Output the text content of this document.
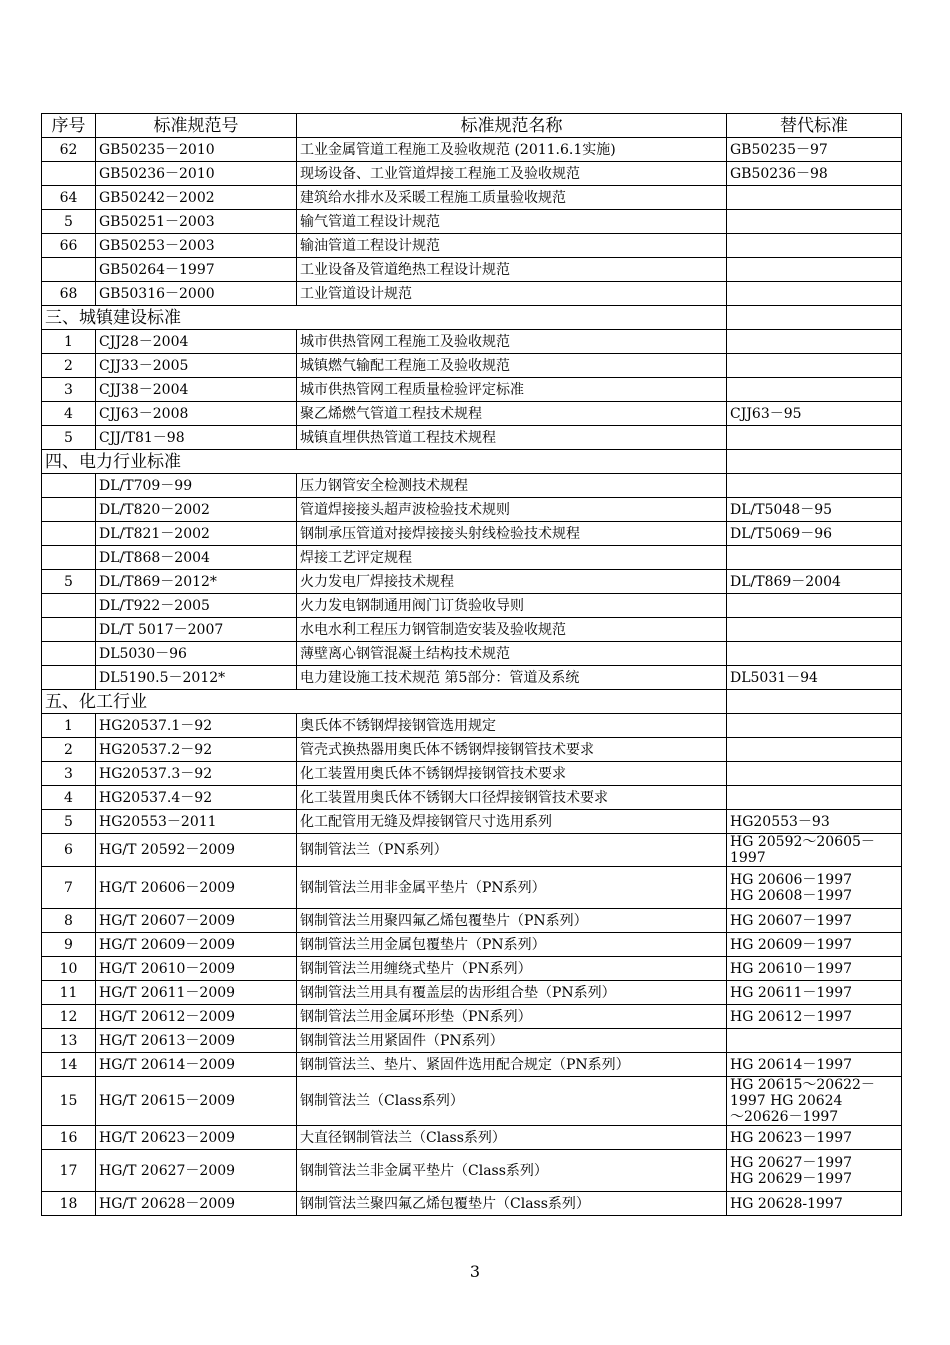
序号	标准规范号	标准规范名称	替代标准
62	GB50235－2010	工业金属管道工程施工及验收规范 (2011.6.1实施)	GB50235－97

	GB50236－2010	现场设备、工业管道焊接工程施工及验收规范	GB50236－98

64	GB50242－2002	建筑给水排水及采暖工程施工质量验收规范	
5	GB50251－2003	输气管道工程设计规范	
66	GB50253－2003	输油管道工程设计规范	
	GB50264－1997	工业设备及管道绝热工程设计规范	
68	GB50316－2000	工业管道设计规范	
三、城镇建设标准			
1	CJJ28－2004	城市供热管网工程施工及验收规范	
2	CJJ33－2005	城镇燃气输配工程施工及验收规范	
3	CJJ38－2004	城市供热管网工程质量检验评定标准	
4	CJJ63－2008	聚乙烯燃气管道工程技术规程	CJJ63－95

5	CJJ/T81－98	城镇直埋供热管道工程技术规程	
四、电力行业标准			
	DL/T709－99	压力钢管安全检测技术规程	
	DL/T820－2002	管道焊接接头超声波检验技术规则	DL/T5048－95

	DL/T821－2002	钢制承压管道对接焊接接头射线检验技术规程	DL/T5069－96

	DL/T868－2004	焊接工艺评定规程	
5	DL/T869－2012*	火力发电厂焊接技术规程	DL/T869－2004

	DL/T922－2005	火力发电钢制通用阀门订货验收导则	
	DL/T 5017－2007	水电水利工程压力钢管制造安装及验收规范	
	DL5030－96	薄壁离心钢管混凝土结构技术规范	
	DL5190.5－2012*	电力建设施工技术规范 第5部分：管道及系统	DL5031－94

五、化工行业			
1	HG20537.1－92	奥氏体不锈钢焊接钢管选用规定	
2	HG20537.2－92	管壳式换热器用奥氏体不锈钢焊接钢管技术要求	
3	HG20537.3－92	化工装置用奥氏体不锈钢焊接钢管技术要求	
4	HG20537.4－92	化工装置用奥氏体不锈钢大口径焊接钢管技术要求	
5	HG20553－2011	化工配管用无缝及焊接钢管尺寸选用系列	HG20553－93

6	HG/T 20592－2009	钢制管法兰（PN系列）	HG 20592～20605－
1997

7	HG/T 20606－2009	钢制管法兰用非金属平垫片（PN系列）	HG 20606－1997
HG 20608－1997

8	HG/T 20607－2009	钢制管法兰用聚四氟乙烯包覆垫片（PN系列）	HG 20607－1997

9	HG/T 20609－2009	钢制管法兰用金属包覆垫片（PN系列）	HG 20609－1997

10	HG/T 20610－2009	钢制管法兰用缠绕式垫片（PN系列）	HG 20610－1997

11	HG/T 20611－2009	钢制管法兰用具有覆盖层的齿形组合垫（PN系列）	HG 20611－1997

12	HG/T 20612－2009	钢制管法兰用金属环形垫（PN系列）	HG 20612－1997

13	HG/T 20613－2009	钢制管法兰用紧固件（PN系列）	
14	HG/T 20614－2009	钢制管法兰、垫片、紧固件选用配合规定（PN系列）	HG 20614－1997

15	HG/T 20615－2009	钢制管法兰（Class系列）	HG 20615～20622－
1997 HG 20624
～20626－1997

16	HG/T 20623－2009	大直径钢制管法兰（Class系列）	HG 20623－1997

17	HG/T 20627－2009	钢制管法兰非金属平垫片（Class系列）	HG 20627－1997
HG 20629－1997

18	HG/T 20628－2009	钢制管法兰聚四氟乙烯包覆垫片（Class系列）	HG 20628-1997
3
